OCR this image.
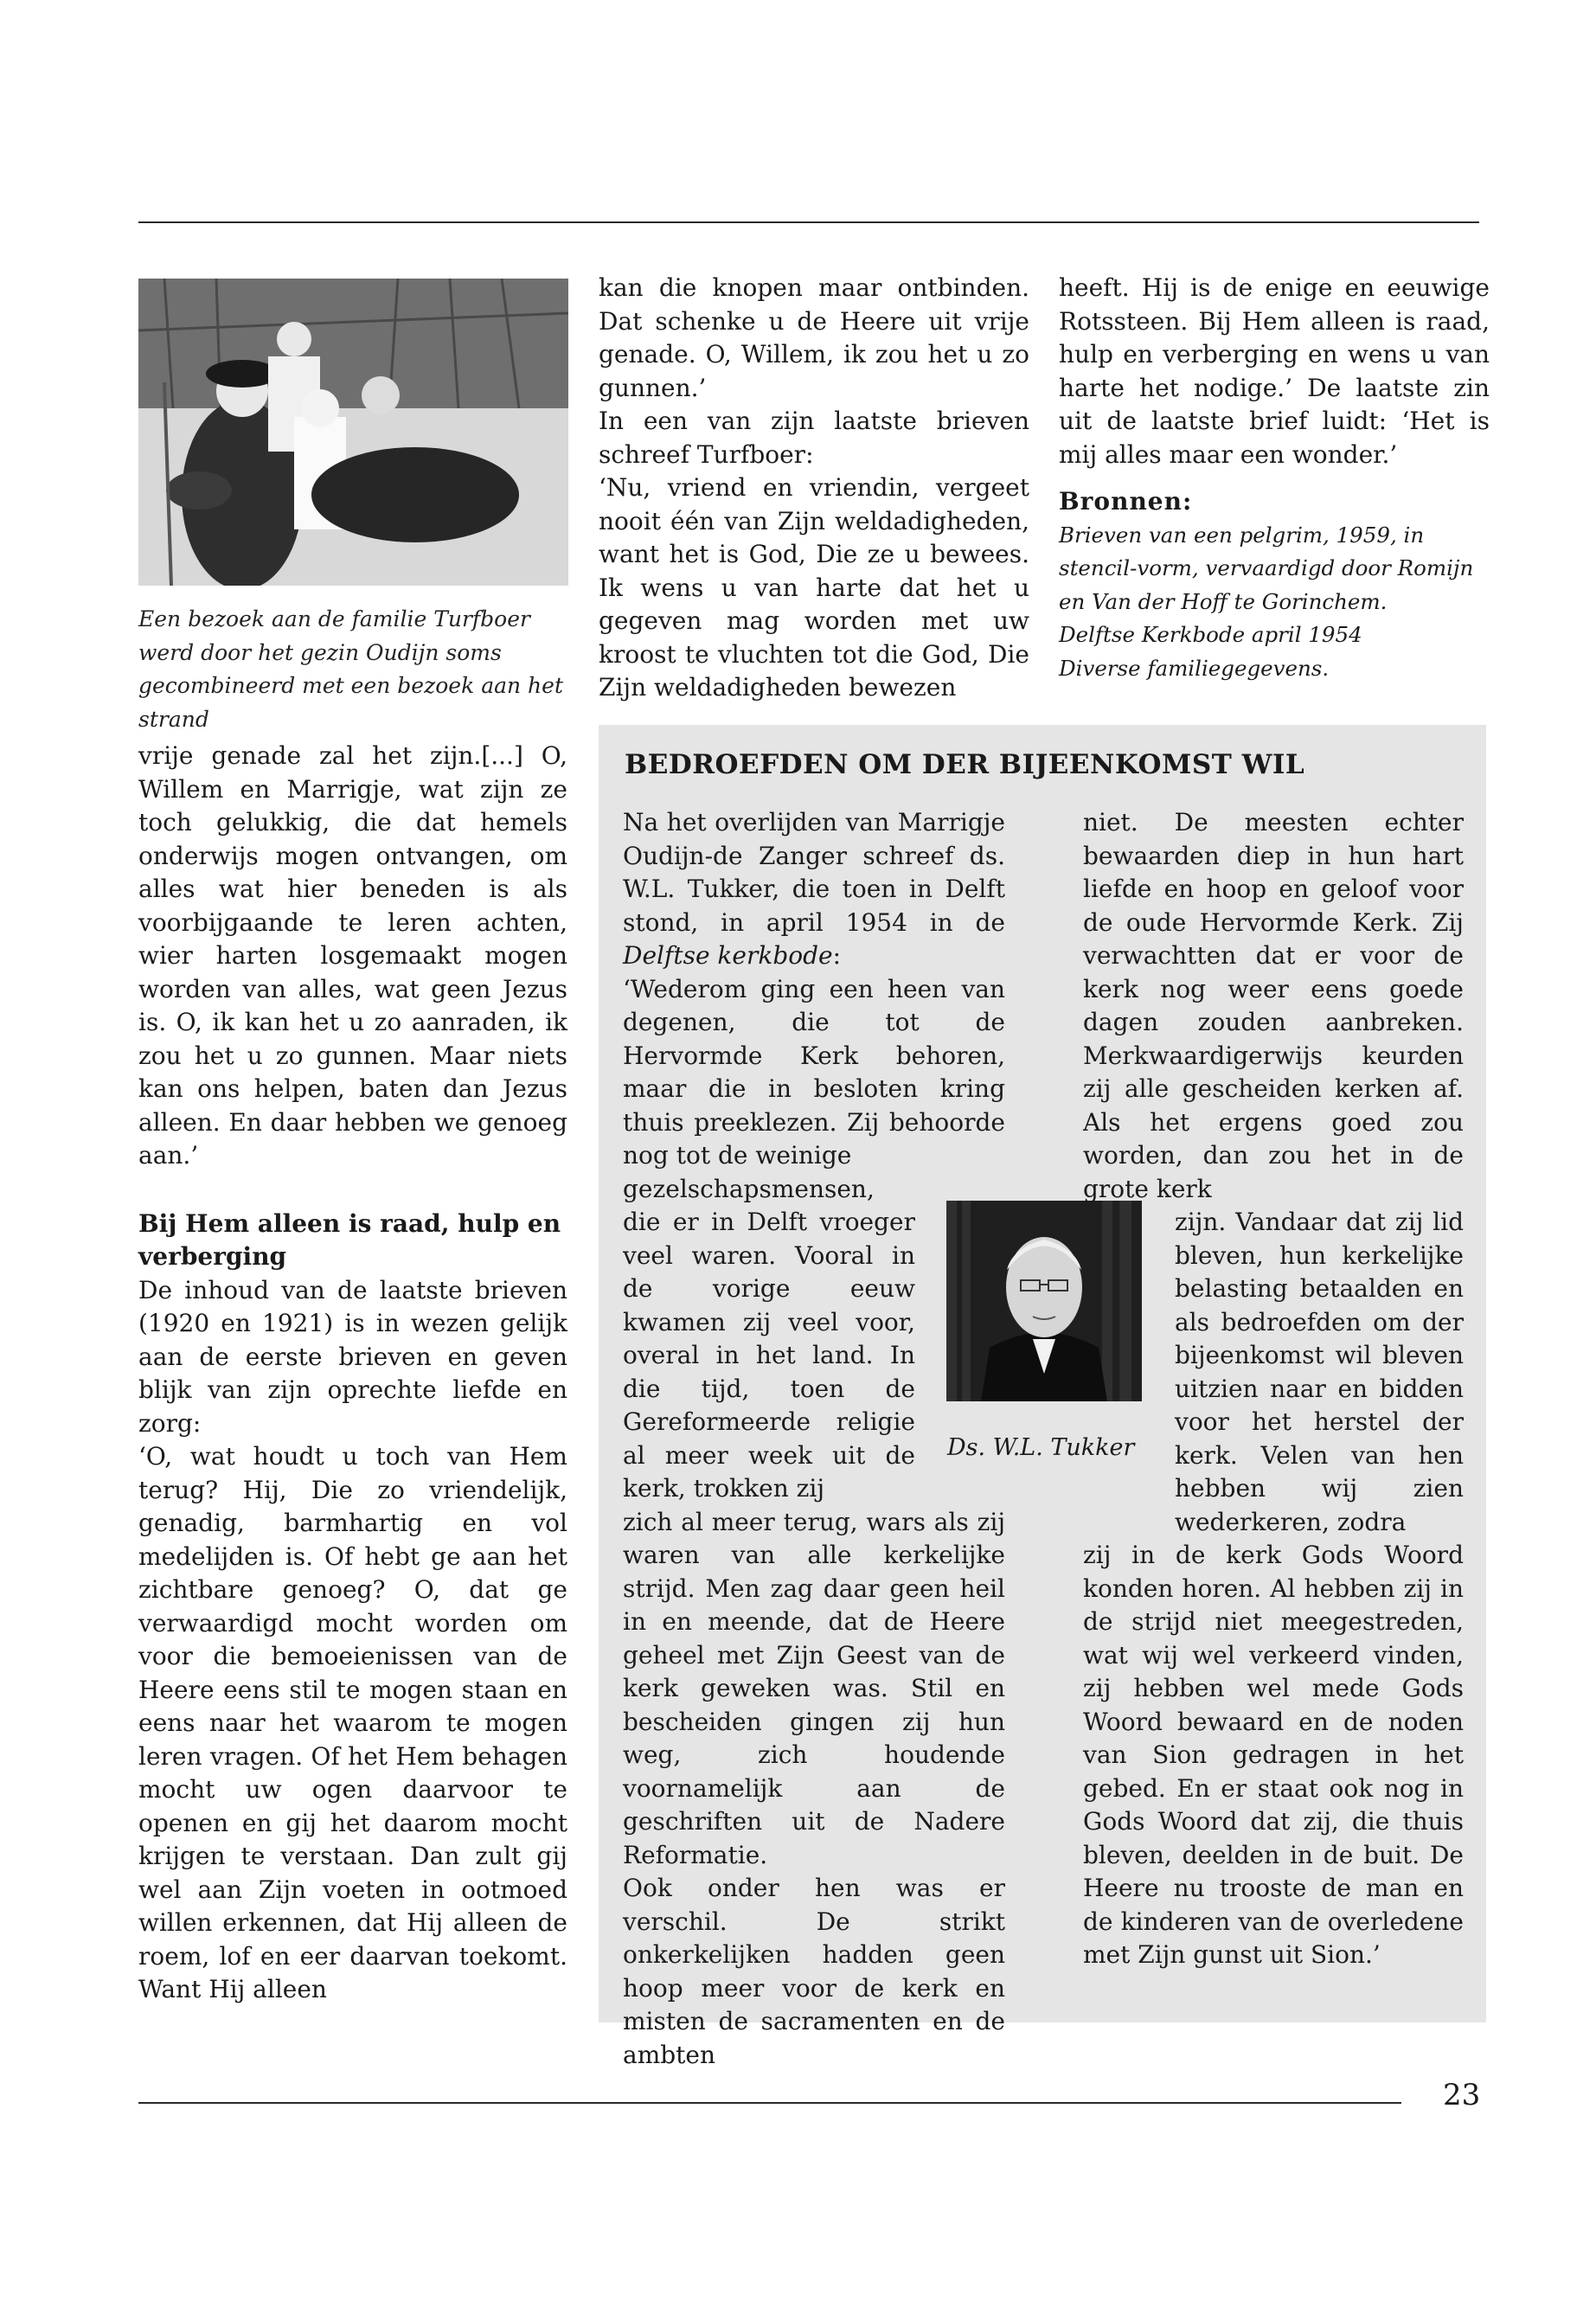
Een bezoek aan de familie Turfboer werd door het gezin Oudijn soms gecombineerd met een bezoek aan het strand

kan die knopen maar ontbinden. Dat schenke u de Heere uit vrije genade. O, Willem, ik zou het u zo gunnen.’

In een van zijn laatste brieven schreef Turfboer:

‘Nu, vriend en vriendin, vergeet nooit één van Zijn weldadigheden, want het is God, Die ze u bewees. Ik wens u van harte dat het u gegeven mag worden met uw kroost te vluchten tot die God, Die Zijn weldadigheden bewezen

heeft. Hij is de enige en eeuwige Rotssteen. Bij Hem alleen is raad, hulp en verberging en wens u van harte het nodige.’ De laatste zin uit de laatste brief luidt: ‘Het is mij alles maar een wonder.’

Bronnen:

Brieven van een pelgrim, 1959, in stencil-vorm, vervaardigd door Romijn en Van der Hoff te Gorinchem.

Delftse Kerkbode april 1954

Diverse familiegegevens.

vrije genade zal het zijn.[...] O, Willem en Marrigje, wat zijn ze toch gelukkig, die dat hemels onderwijs mogen ontvangen, om alles wat hier beneden is als voorbijgaande te leren achten, wier harten losgemaakt mogen worden van alles, wat geen Jezus is. O, ik kan het u zo aanraden, ik zou het u zo gunnen. Maar niets kan ons helpen, baten dan Jezus alleen. En daar hebben we genoeg aan.’

Bij Hem alleen is raad, hulp en verberging

De inhoud van de laatste brieven (1920 en 1921) is in wezen gelijk aan de eerste brieven en geven blijk van zijn oprechte liefde en zorg:

‘O, wat houdt u toch van Hem terug? Hij, Die zo vriendelijk, genadig, barmhartig en vol medelijden is. Of hebt ge aan het zichtbare genoeg? O, dat ge verwaardigd mocht worden om voor die bemoeienissen van de Heere eens stil te mogen staan en eens naar het waarom te mogen leren vragen. Of het Hem behagen mocht uw ogen daarvoor te openen en gij het daarom mocht krijgen te verstaan. Dan zult gij wel aan Zijn voeten in ootmoed willen erkennen, dat Hij alleen de roem, lof en eer daarvan toekomt. Want Hij alleen

BEDROEFDEN OM DER BIJEENKOMST WIL

Na het overlijden van Marrigje Oudijn-de Zanger schreef ds. W.L. Tukker, die toen in Delft stond, in april 1954 in de Delftse kerkbode:

‘Wederom ging een heen van degenen, die tot de Hervormde Kerk behoren, maar die in besloten kring thuis preeklezen. Zij behoorde nog tot de weinige

gezelschapsmensen, die er in Delft vroeger veel waren. Vooral in de vorige eeuw kwamen zij veel voor, overal in het land. In die tijd, toen de Gereformeerde religie al meer week uit de kerk, trokken zij

zich al meer terug, wars als zij waren van alle kerkelijke strijd. Men zag daar geen heil in en meende, dat de Heere geheel met Zijn Geest van de kerk geweken was. Stil en bescheiden gingen zij hun weg, zich houdende voornamelijk aan de geschriften uit de Nadere Reformatie.

Ook onder hen was er verschil. De strikt onkerkelijken hadden geen hoop meer voor de kerk en misten de sacramenten en de ambten

Ds. W.L. Tukker

niet. De meesten echter bewaarden diep in hun hart liefde en hoop en geloof voor de oude Hervormde Kerk. Zij verwachtten dat er voor de kerk nog weer eens goede dagen zouden aanbreken. Merkwaardigerwijs keurden zij alle gescheiden kerken af. Als het ergens goed zou worden, dan zou het in de grote kerk

zijn. Vandaar dat zij lid bleven, hun kerkelijke belasting betaalden en als bedroefden om der bijeenkomst wil bleven uitzien naar en bidden voor het herstel der kerk. Velen van hen hebben wij zien wederkeren, zodra

zij in de kerk Gods Woord konden horen. Al hebben zij in de strijd niet meegestreden, wat wij wel verkeerd vinden, zij hebben wel mede Gods Woord bewaard en de noden van Sion gedragen in het gebed. En er staat ook nog in Gods Woord dat zij, die thuis bleven, deelden in de buit. De Heere nu trooste de man en de kinderen van de overledene met Zijn gunst uit Sion.’

23
